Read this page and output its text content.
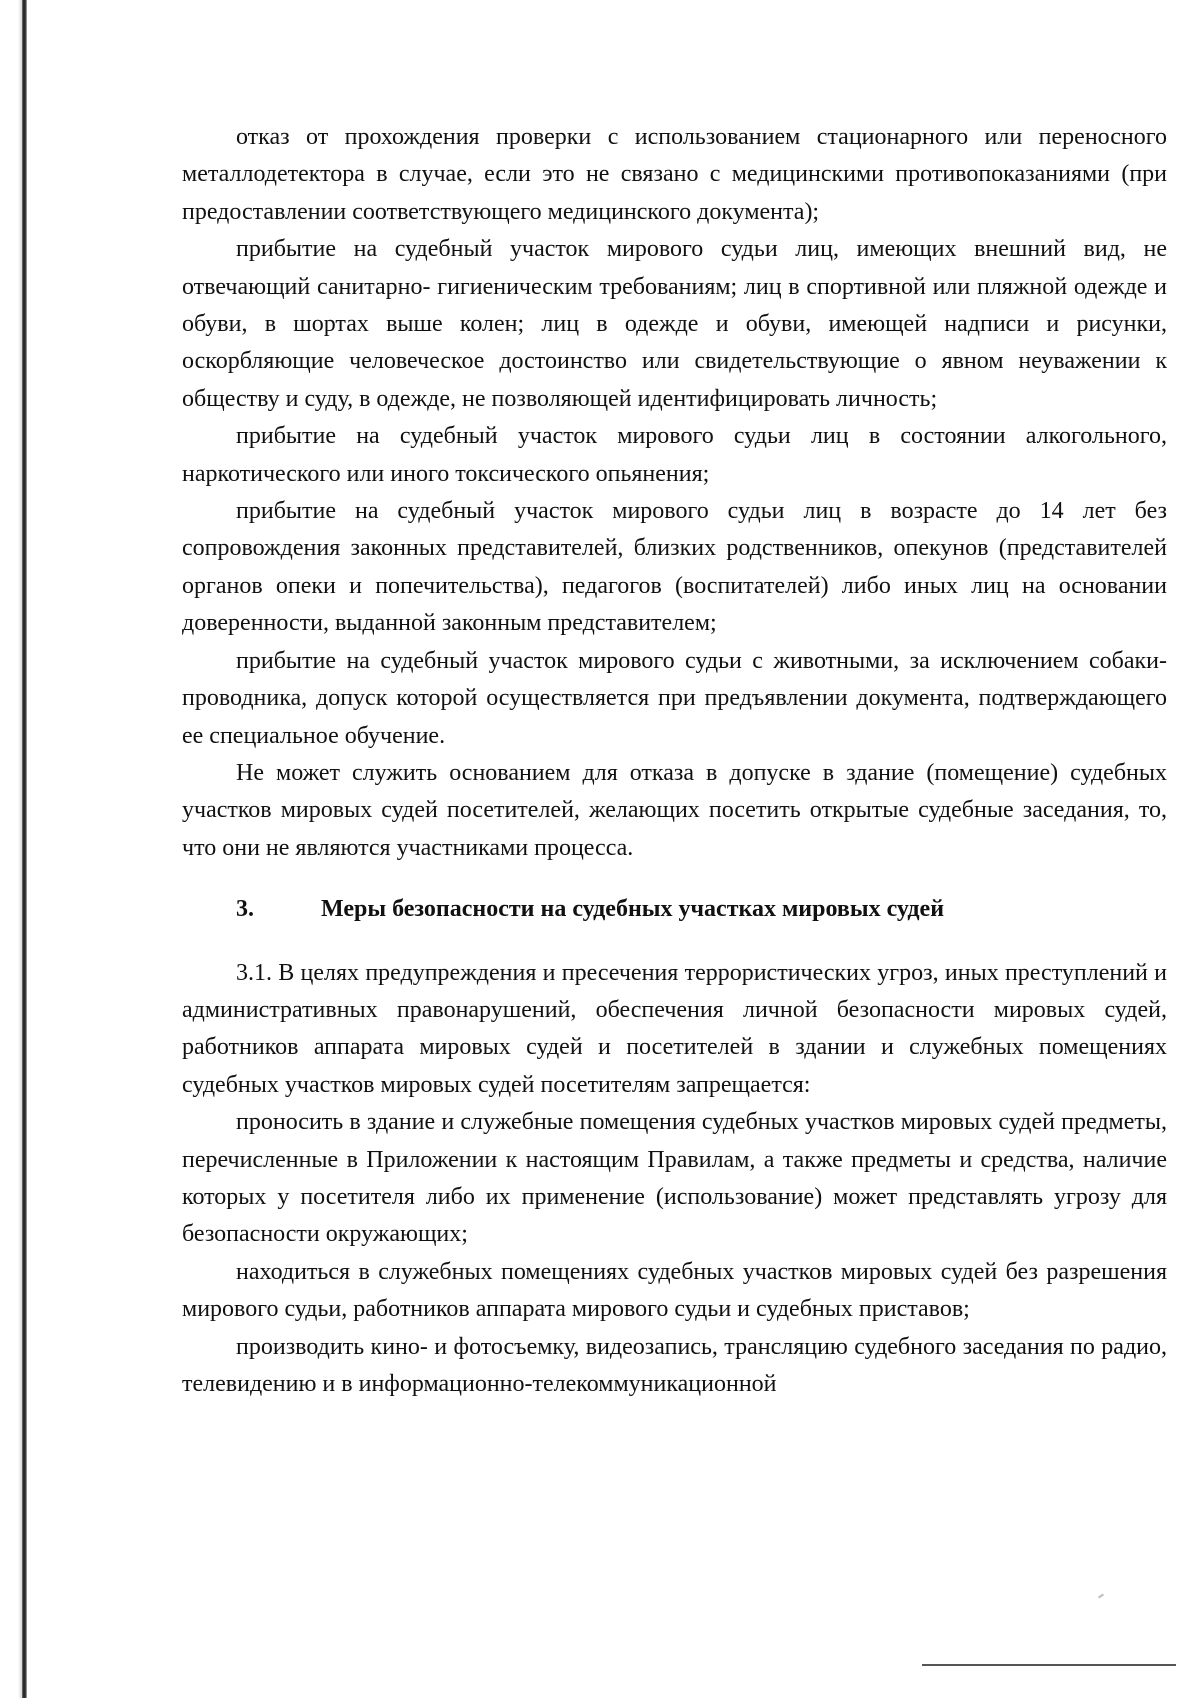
отказ от прохождения проверки с использованием стационарного или переносного металлодетектора в случае, если это не связано с медицинскими противопоказаниями (при предоставлении соответствующего медицинского документа);

прибытие на судебный участок мирового судьи лиц, имеющих внешний вид, не отвечающий санитарно- гигиеническим требованиям; лиц в спортивной или пляжной одежде и обуви, в шортах выше колен; лиц в одежде и обуви, имеющей надписи и рисунки, оскорбляющие человеческое достоинство или свидетельствующие о явном неуважении к обществу и суду, в одежде, не позволяющей идентифицировать личность;

прибытие на судебный участок мирового судьи лиц в состоянии алкогольного, наркотического или иного токсического опьянения;

прибытие на судебный участок мирового судьи лиц в возрасте до 14 лет без сопровождения законных представителей, близких родственников, опекунов (представителей органов опеки и попечительства), педагогов (воспитателей) либо иных лиц на основании доверенности, выданной законным представителем;

прибытие на судебный участок мирового судьи с животными, за исключением собаки-проводника, допуск которой осуществляется при предъявлении документа, подтверждающего ее специальное обучение.

Не может служить основанием для отказа в допуске в здание (помещение) судебных участков мировых судей посетителей, желающих посетить открытые судебные заседания, то, что они не являются участниками процесса.

3.	Меры безопасности на судебных участках мировых судей

3.1. В целях предупреждения и пресечения террористических угроз, иных преступлений и административных правонарушений, обеспечения личной безопасности мировых судей, работников аппарата мировых судей и посетителей в здании и служебных помещениях судебных участков мировых судей посетителям запрещается:

проносить в здание и служебные помещения судебных участков мировых судей предметы, перечисленные в Приложении к настоящим Правилам, а также предметы и средства, наличие которых у посетителя либо их применение (использование) может представлять угрозу для безопасности окружающих;

находиться в служебных помещениях судебных участков мировых судей без разрешения мирового судьи, работников аппарата мирового судьи и судебных приставов;

производить кино- и фотосъемку, видеозапись, трансляцию судебного заседания по радио, телевидению и в информационно-телекоммуникационной
